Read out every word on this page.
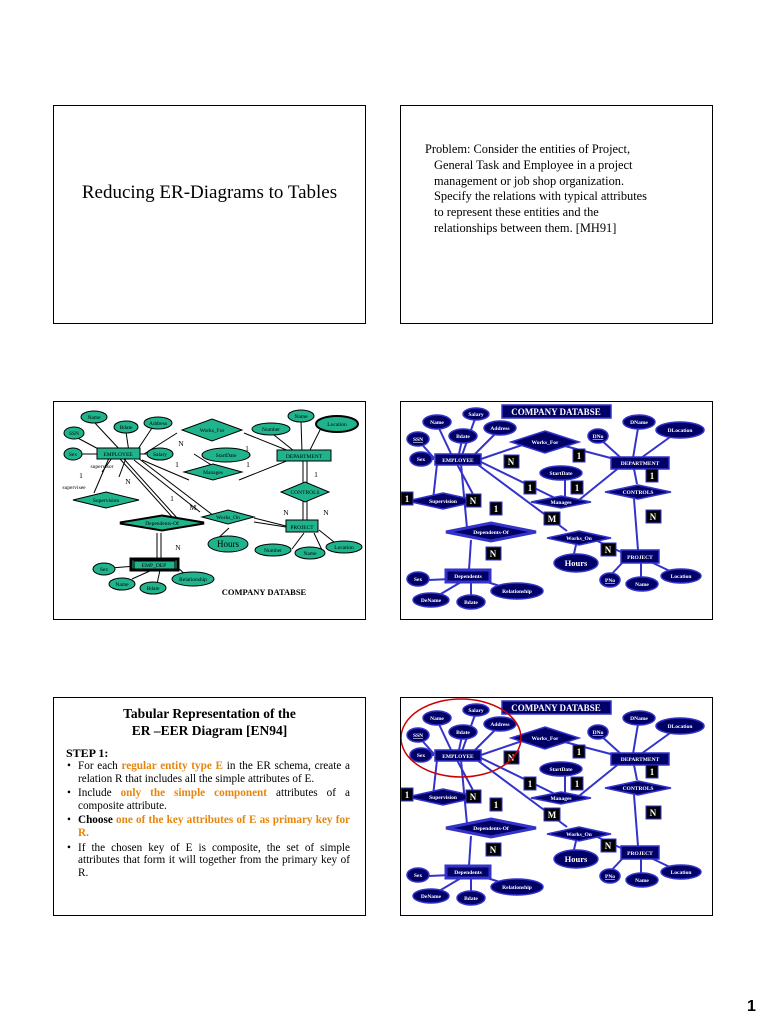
Reducing ER-Diagrams to Tables
Problem: Consider the entities of Project,
General Task and Employee in a project
management or job shop organization.
Specify the relations with typical attributes
to represent these entities and the
relationships between them. [MH91]
Name
Bdate
Address
SSN
Sex	Salary
EMPLOYEE
Works_For
StartDate
Manages
Number
Name
Location
DEPARTMENT
CONTROLS
Supervision
Dependents-Of
Works_On
PROJECT
Number	Name
Location
EMP_DEP
Sex
Name
Bdate
Relationship
supervisor
supervisee
Hours
N
1
1	1
1
1
N
1
M
N	N
N
COMPANY DATABSE
COMPANY DATABSE
Salary
Name
Address
Bdate
SSN
Sex	EMPLOYEE
Works_For
StartDate
Manages
DName
DNo
DLocation
DEPARTMENT
CONTROLS
Supervision
Dependents-Of
Works_On
PROJECT
PNo
Name
Location
Dependents
Sex
DeName	Bdate
Relationship
Hours
N
1
1
1	1
1	N
1
M	N
N	N
Tabular Representation of the
ER –EER Diagram [EN94]
STEP 1:
• For each regular entity type E in the ER schema, create a relation R that includes all the simple attributes of E.
• Include only the simple component attributes of a composite attribute.
• Choose one of the key attributes of E as primary key for R.
• If the chosen key of E is composite, the set of simple attributes that form it will together from the primary key of R.
COMPANY DATABSE
Salary
Name
Address
Bdate
SSN
Sex	EMPLOYEE
Works_For
StartDate
Manages
DName
DNo
DLocation
DEPARTMENT
CONTROLS
Supervision
Dependents-Of
Works_On
PROJECT
PNo
Name
Location
Dependents
Sex
DeName	Bdate
Relationship
Hours
N
1
1
1	1
1	N
1
M	N
N	N
1
